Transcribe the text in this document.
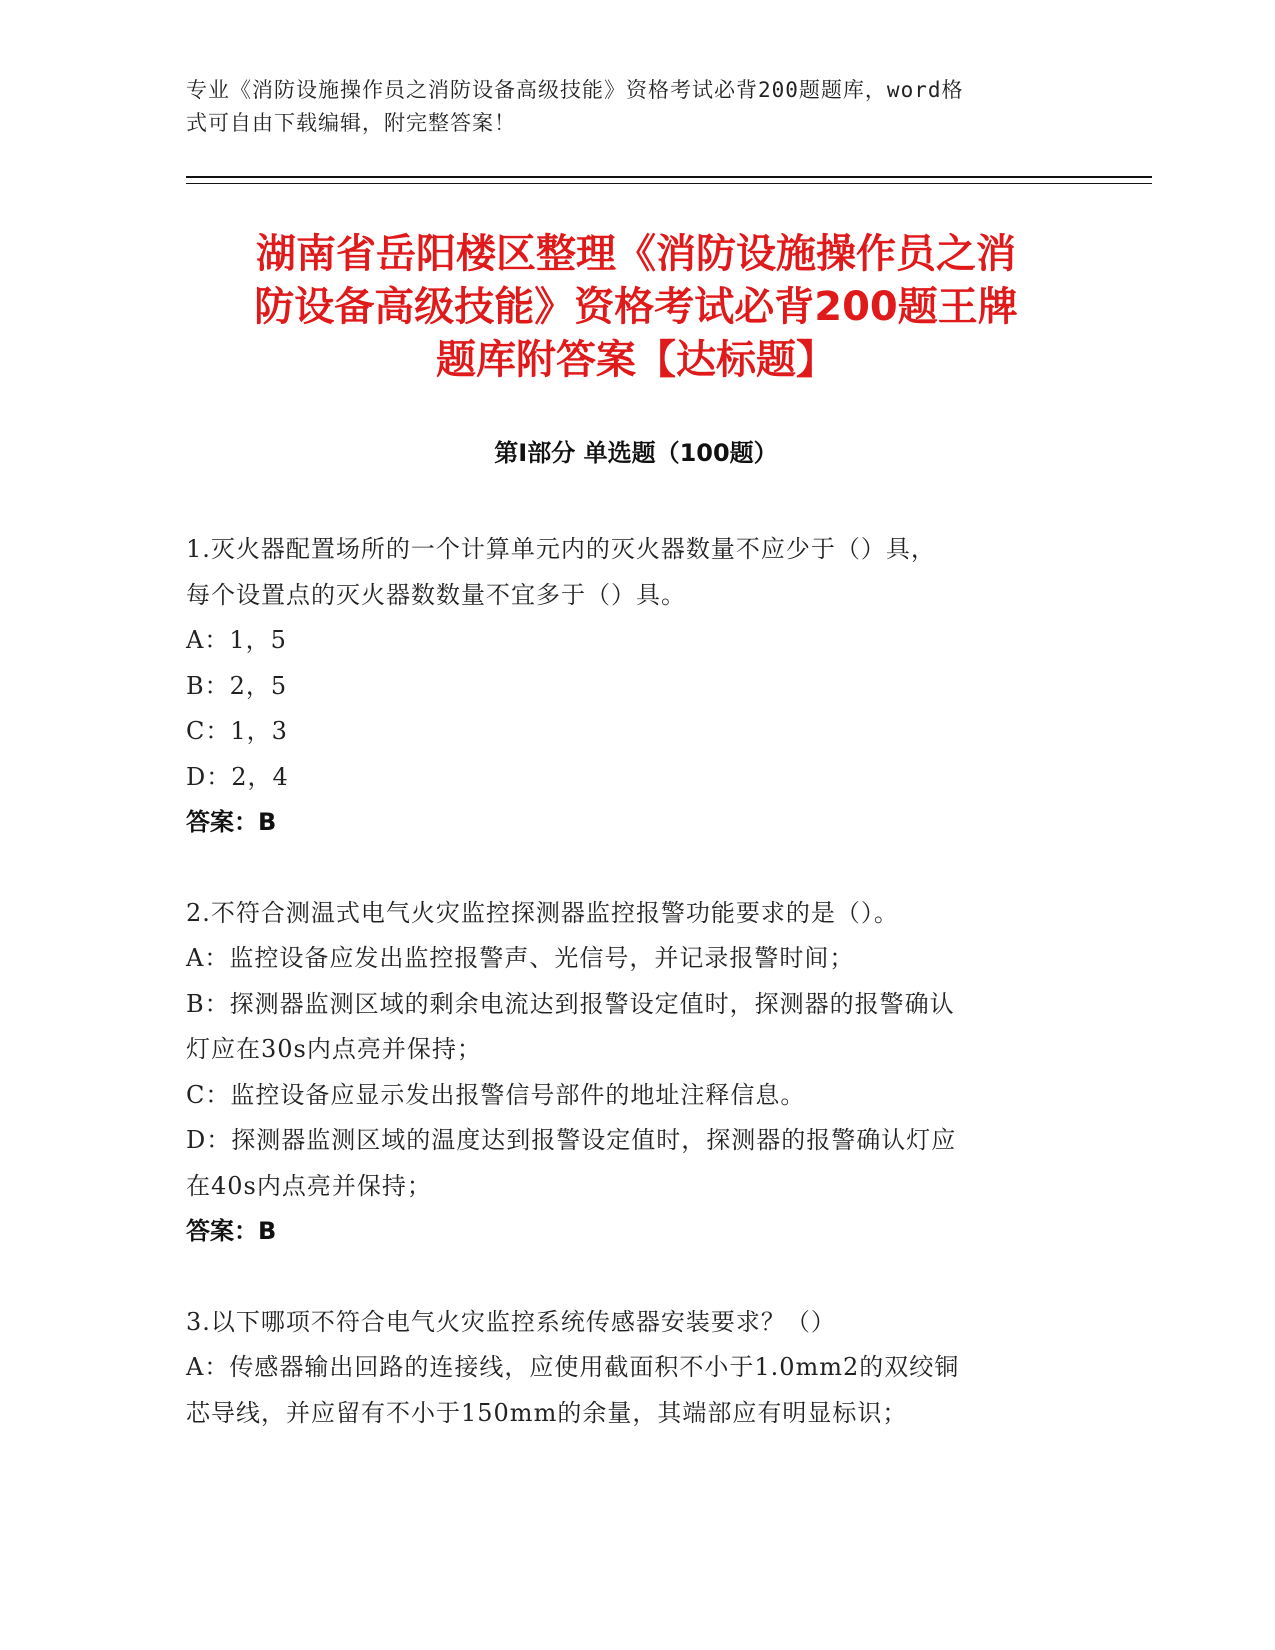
专业《消防设施操作员之消防设备高级技能》资格考试必背200题题库，word格
式可自由下载编辑，附完整答案！
湖南省岳阳楼区整理《消防设施操作员之消
防设备高级技能》资格考试必背200题王牌
题库附答案【达标题】
第Ⅰ部分 单选题（100题）

1.灭火器配置场所的一个计算单元内的灭火器数量不应少于（）具，

每个设置点的灭火器数数量不宜多于（）具。

A：1，5

B：2，5

C：1，3

D：2，4

答案：B

2.不符合测温式电气火灾监控探测器监控报警功能要求的是（）。

A：监控设备应发出监控报警声、光信号，并记录报警时间；

B：探测器监测区域的剩余电流达到报警设定值时，探测器的报警确认

灯应在30s内点亮并保持；

C：监控设备应显示发出报警信号部件的地址注释信息。

D：探测器监测区域的温度达到报警设定值时，探测器的报警确认灯应

在40s内点亮并保持；

答案：B

3.以下哪项不符合电气火灾监控系统传感器安装要求？（）

A：传感器输出回路的连接线，应使用截面积不小于1.0mm2的双绞铜

芯导线，并应留有不小于150mm的余量，其端部应有明显标识；
